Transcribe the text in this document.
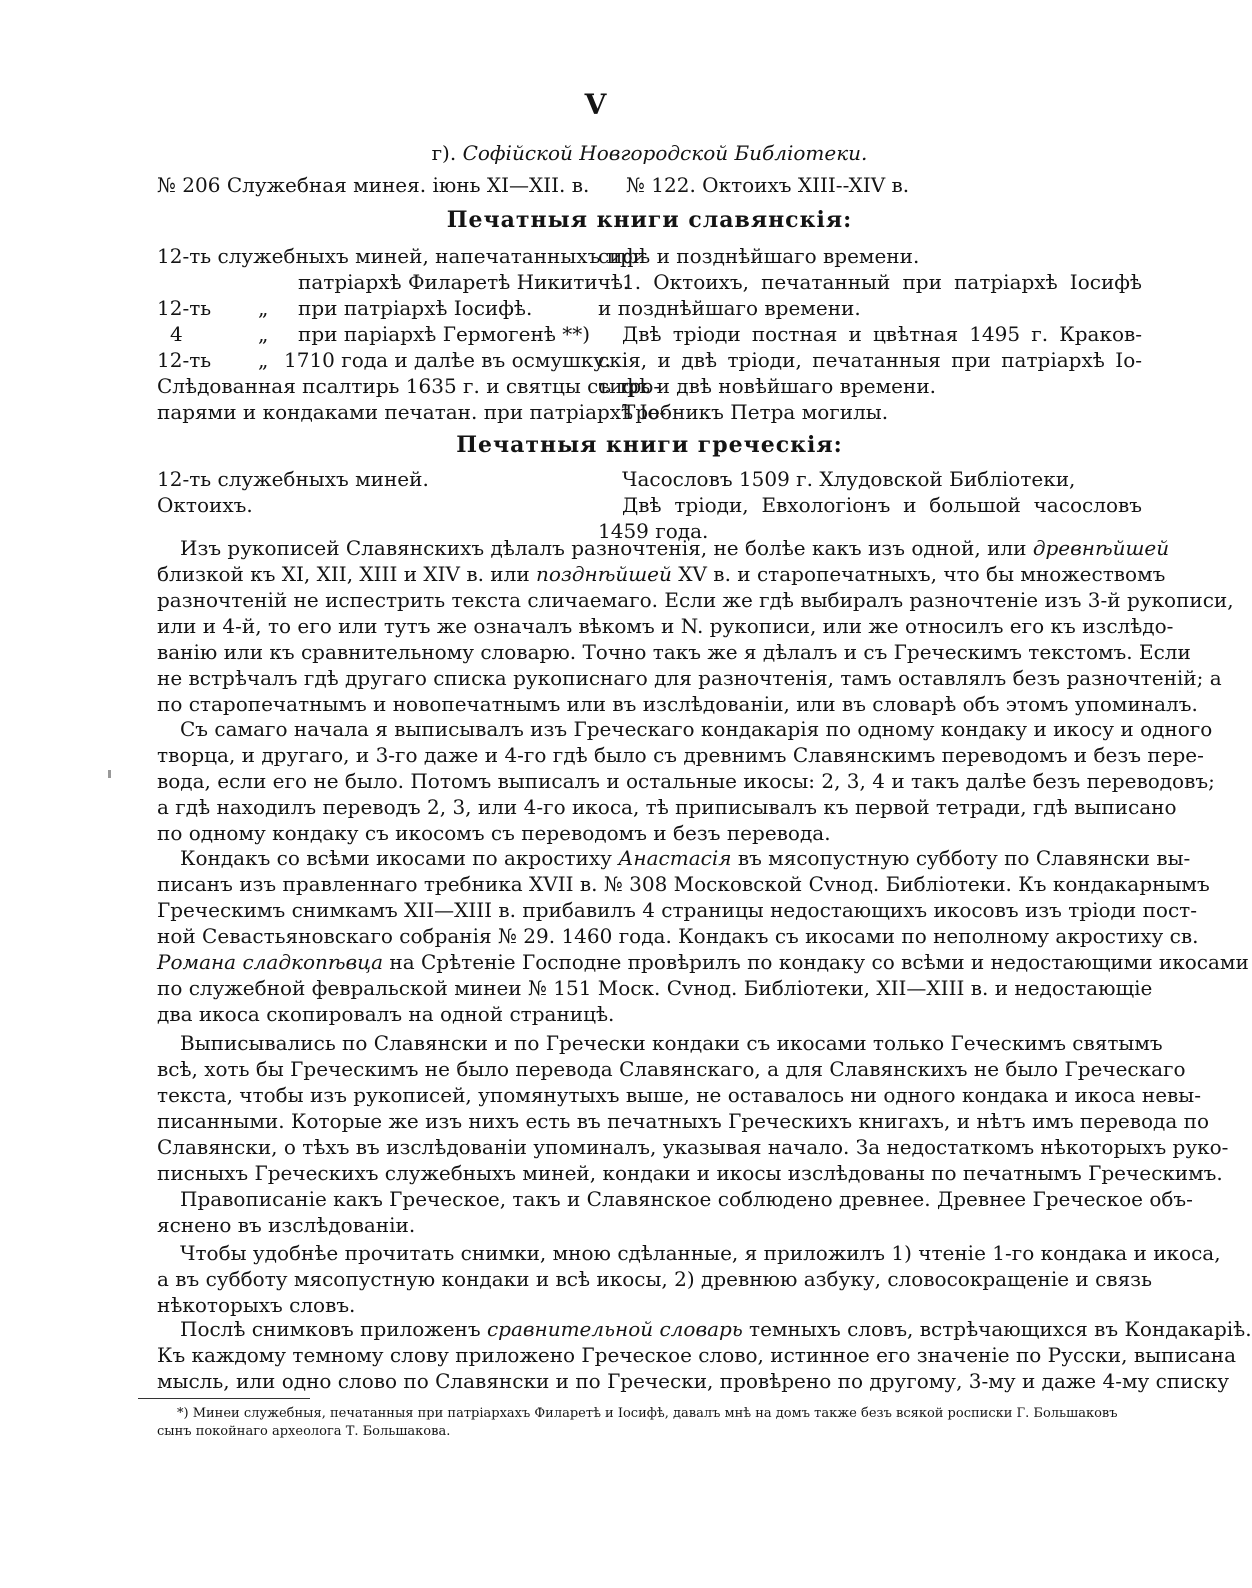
V
г). Софійской Новгородской Библіотеки.
№ 206 Служебная минея. іюнь XI—XII. в. № 122. Октоихъ XIII--XIV в.
Печатныя книги славянскія:
12-ть служебныхъ миней, напечатанныхъ при
патріархѣ Филаретѣ Никитичѣ.
12-ть „ при патріархѣ Іосифѣ.
4	„ при паріархѣ Гермогенѣ **)
12-ть „ 1710 года и далѣе въ осмушку.
Слѣдованная псалтирь 1635 г. и святцы съ тро-
парями и кондаками печатан. при патріархѣ Іо-
сифѣ и позднѣйшаго времени.
1. Октоихъ, печатанный при патріархѣ Іосифѣ
и позднѣйшаго времени.
Двѣ тріоди постная и цвѣтная 1495 г. Краков-
скія, и двѣ тріоди, печатанныя при патріархѣ Іо-
сифѣ и двѣ новѣйшаго времени.
Требникъ Петра могилы.
Печатныя книги греческія:
12-ть служебныхъ миней.
Октоихъ.
Часословъ 1509 г. Хлудовской Библіотеки,
Двѣ тріоди, Евхологіонъ и большой часословъ
1459 года.
Изъ рукописей Славянскихъ дѣлалъ разночтенія, не болѣе какъ изъ одной, или древнѣйшей
близкой къ XI, XII, XIII и XIV в. или позднѣйшей XV в. и старопечатныхъ, что бы множествомъ
разночтеній не испестрить текста сличаемаго. Если же гдѣ выбиралъ разночтеніе изъ 3-й рукописи,
или и 4-й, то его или тутъ же означалъ вѣкомъ и N. рукописи, или же относилъ его къ изслѣдо-
ванію или къ сравнительному словарю. Точно такъ же я дѣлалъ и съ Греческимъ текстомъ. Если
не встрѣчалъ гдѣ другаго списка рукописнаго для разночтенія, тамъ оставлялъ безъ разночтеній; а
по старопечатнымъ и новопечатнымъ или въ изслѣдованіи, или въ словарѣ объ этомъ упоминалъ.
Съ самаго начала я выписывалъ изъ Греческаго кондакарія по одному кондаку и икосу и одного
творца, и другаго, и 3-го даже и 4-го гдѣ было съ древнимъ Славянскимъ переводомъ и безъ пере-
вода, если его не было. Потомъ выписалъ и остальные икосы: 2, 3, 4 и такъ далѣе безъ переводовъ;
а гдѣ находилъ переводъ 2, 3, или 4-го икоса, тѣ приписывалъ къ первой тетради, гдѣ выписано
по одному кондаку съ икосомъ съ переводомъ и безъ перевода.
Кондакъ со всѣми икосами по акростиху Анастасія въ мясопустную субботу по Славянски вы-
писанъ изъ правленнаго требника XVII в. № 308 Московской Сvнод. Библіотеки. Къ кондакарнымъ
Греческимъ снимкамъ XII—XIII в. прибавилъ 4 страницы недостающихъ икосовъ изъ тріоди пост-
ной Севастьяновскаго собранія № 29. 1460 года. Кондакъ съ икосами по неполному акростиху св.
Романа сладкопѣвца на Срѣтеніе Господне провѣрилъ по кондаку со всѣми и недостающими икосами
по служебной февральской минеи № 151 Моск. Сvнод. Библіотеки, XII—XIII в. и недостающіе
два икоса скопировалъ на одной страницѣ.
Выписывались по Славянски и по Гречески кондаки съ икосами только Геческимъ святымъ
всѣ, хоть бы Греческимъ не было перевода Славянскаго, а для Славянскихъ не было Греческаго
текста, чтобы изъ рукописей, упомянутыхъ выше, не оставалось ни одного кондака и икоса невы-
писанными. Которые же изъ нихъ есть въ печатныхъ Греческихъ книгахъ, и нѣтъ имъ перевода по
Славянски, о тѣхъ въ изслѣдованіи упоминалъ, указывая начало. За недостаткомъ нѣкоторыхъ руко-
писныхъ Греческихъ служебныхъ миней, кондаки и икосы изслѣдованы по печатнымъ Греческимъ.
Правописаніе какъ Греческое, такъ и Славянское соблюдено древнее. Древнее Греческое объ-
яснено въ изслѣдованіи.
Чтобы удобнѣе прочитать снимки, мною сдѣланные, я приложилъ 1) чтеніе 1-го кондака и икоса,
а въ субботу мясопустную кондаки и всѣ икосы, 2) древнюю азбуку, словосокращеніе и связь
нѣкоторыхъ словъ.
Послѣ снимковъ приложенъ сравнительной словарь темныхъ словъ, встрѣчающихся въ Кондакаріѣ.
Къ каждому темному слову приложено Греческое слово, истинное его значеніе по Русски, выписана
мысль, или одно слово по Славянски и по Гречески, провѣрено по другому, 3-му и даже 4-му списку
*) Минеи служебныя, печатанныя при патріархахъ Филаретѣ и Іосифѣ, давалъ мнѣ на домъ также безъ всякой росписки Г. Большаковъ
сынъ покойнаго археолога Т. Большакова.
